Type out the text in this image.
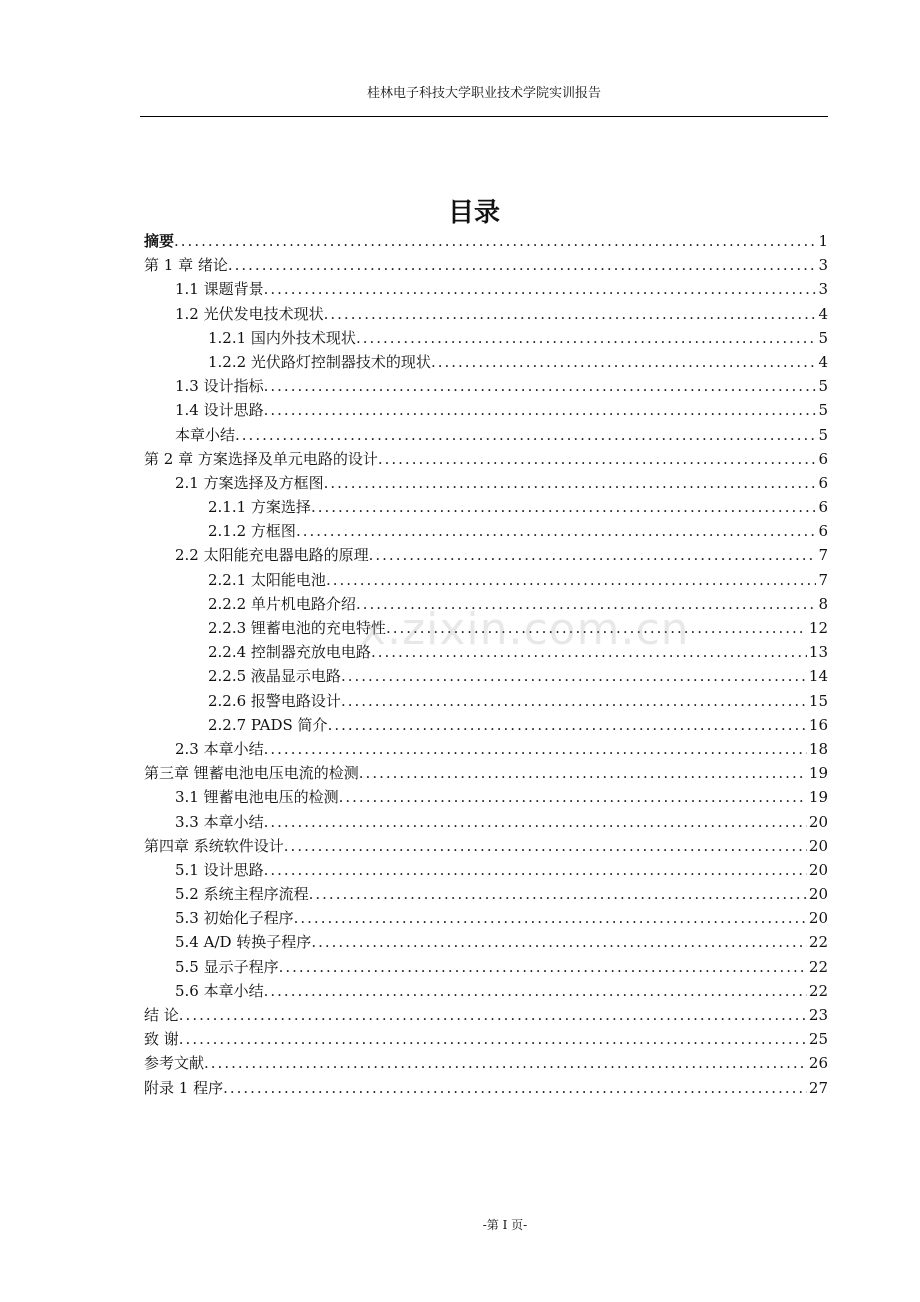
桂林电子科技大学职业技术学院实训报告
目录
摘要 .....	1
第 1 章 绪论 .....	3
1.1 课题背景 .....	3
1.2 光伏发电技术现状 .....	4
1.2.1 国内外技术现状 .....	5
1.2.2 光伏路灯控制器技术的现状 .....	4
1.3 设计指标 .....	5
1.4 设计思路 .....	5
本章小结 .....	5
第 2 章 方案选择及单元电路的设计 .....	6
2.1 方案选择及方框图 .....	6
2.1.1 方案选择 .....	6
2.1.2 方框图 .....	6
2.2 太阳能充电器电路的原理 .....	7
2.2.1 太阳能电池 .....	7
2.2.2 单片机电路介绍 .....	8
2.2.3 锂蓄电池的充电特性 .....	12
2.2.4 控制器充放电电路 .....	13
2.2.5 液晶显示电路 .....	14
2.2.6 报警电路设计 .....	15
2.2.7 PADS 简介 .....	16
2.3 本章小结 .....	18
第三章 锂蓄电池电压电流的检测 .....	19
3.1 锂蓄电池电压的检测 .....	19
3.3 本章小结 .....	20
第四章 系统软件设计 .....	20
5.1 设计思路 .....	20
5.2 系统主程序流程 .....	20
5.3 初始化子程序 .....	20
5.4 A/D 转换子程序 .....	22
5.5 显示子程序 .....	22
5.6 本章小结 .....	22
结 论 .....	23
致 谢 .....	25
参考文献 .....	26
附录 1 程序 .....	27
x.zixin.com.cn
-第 I 页-
